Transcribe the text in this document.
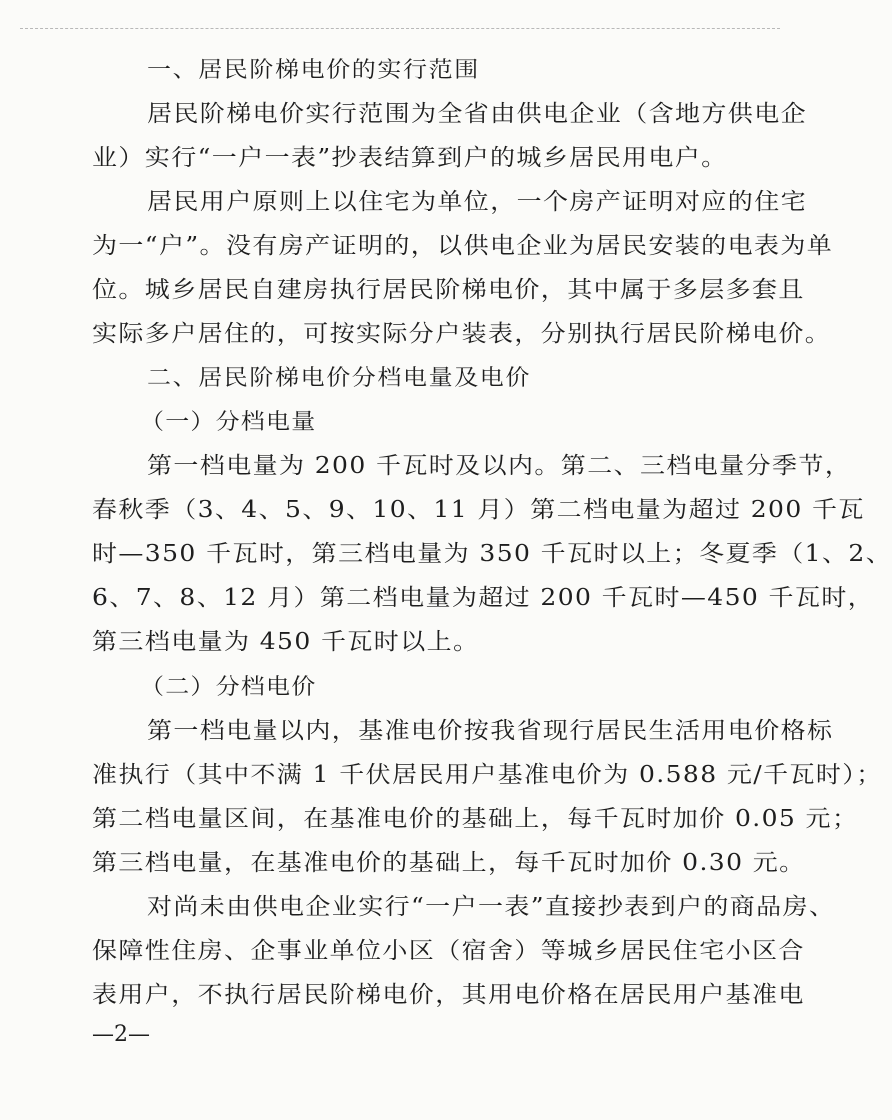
一、居民阶梯电价的实行范围
居民阶梯电价实行范围为全省由供电企业（含地方供电企
业）实行“一户一表”抄表结算到户的城乡居民用电户。
居民用户原则上以住宅为单位，一个房产证明对应的住宅
为一“户”。没有房产证明的，以供电企业为居民安装的电表为单
位。城乡居民自建房执行居民阶梯电价，其中属于多层多套且
实际多户居住的，可按实际分户装表，分别执行居民阶梯电价。
二、居民阶梯电价分档电量及电价
（一）分档电量
第一档电量为 200 千瓦时及以内。第二、三档电量分季节，
春秋季（3、4、5、9、10、11 月）第二档电量为超过 200 千瓦
时—350 千瓦时，第三档电量为 350 千瓦时以上；冬夏季（1、2、
6、7、8、12 月）第二档电量为超过 200 千瓦时—450 千瓦时，
第三档电量为 450 千瓦时以上。
（二）分档电价
第一档电量以内，基准电价按我省现行居民生活用电价格标
准执行（其中不满 1 千伏居民用户基准电价为 0.588 元/千瓦时）；
第二档电量区间，在基准电价的基础上，每千瓦时加价 0.05 元；
第三档电量，在基准电价的基础上，每千瓦时加价 0.30 元。
对尚未由供电企业实行“一户一表”直接抄表到户的商品房、
保障性住房、企事业单位小区（宿舍）等城乡居民住宅小区合
表用户，不执行居民阶梯电价，其用电价格在居民用户基准电
—2—
